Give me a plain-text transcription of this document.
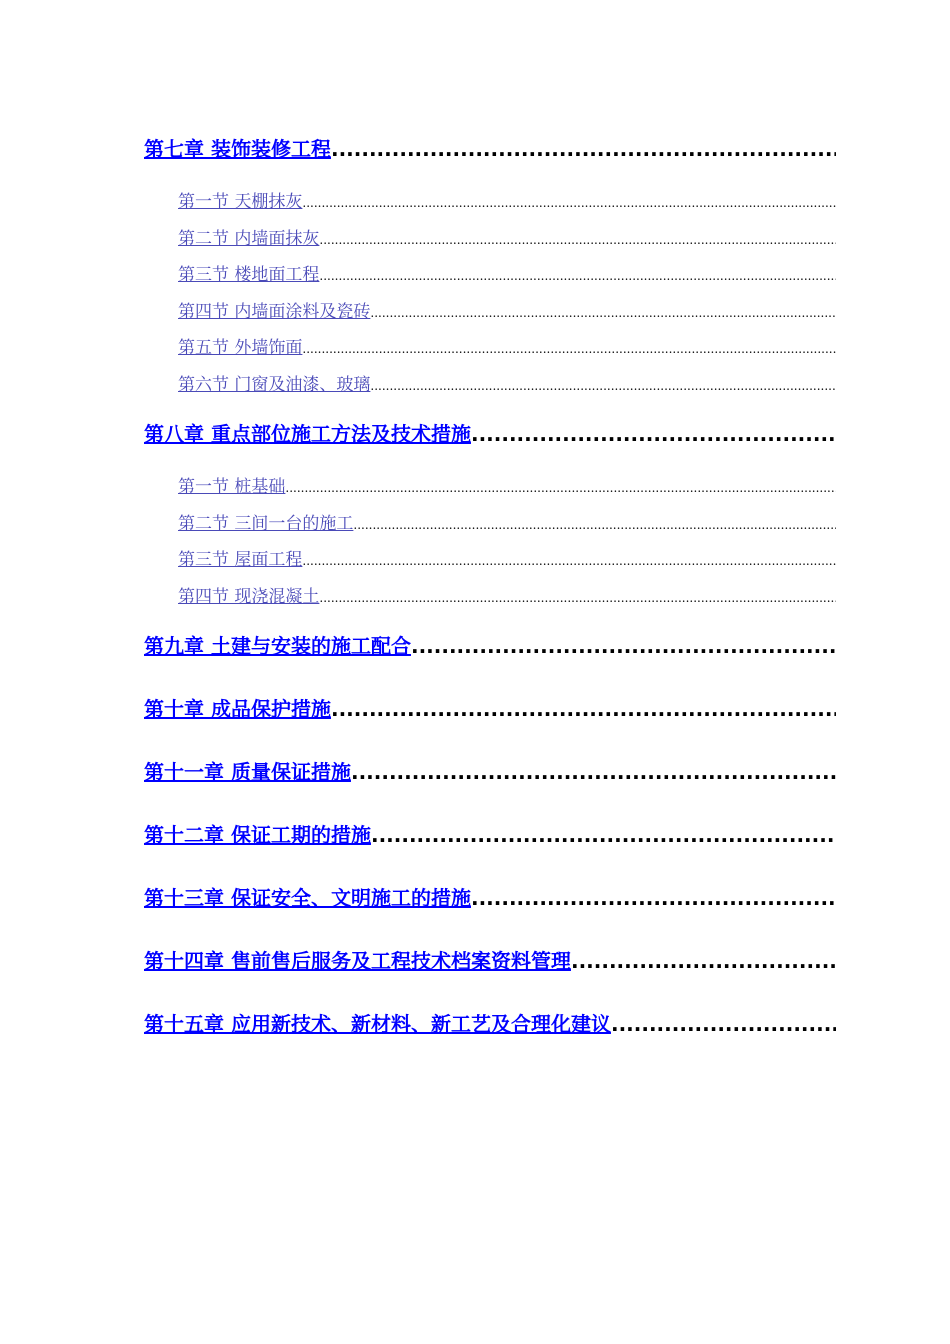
第七章 装饰装修工程
.....
第一节 天棚抹灰
.....
第二节 内墙面抹灰
.....
第三节 楼地面工程
.....
第四节 内墙面涂料及瓷砖
.....
第五节 外墙饰面
.....
第六节 门窗及油漆、玻璃
.....
第八章 重点部位施工方法及技术措施
.....
第一节 桩基础
.....
第二节 三间一台的施工
.....
第三节 屋面工程
.....
第四节 现浇混凝土
.....
第九章 土建与安装的施工配合
.....
第十章 成品保护措施
.....
第十一章 质量保证措施
.....
第十二章 保证工期的措施
.....
第十三章 保证安全、文明施工的措施
.....
第十四章 售前售后服务及工程技术档案资料管理
.....
第十五章 应用新技术、新材料、新工艺及合理化建议
.....
